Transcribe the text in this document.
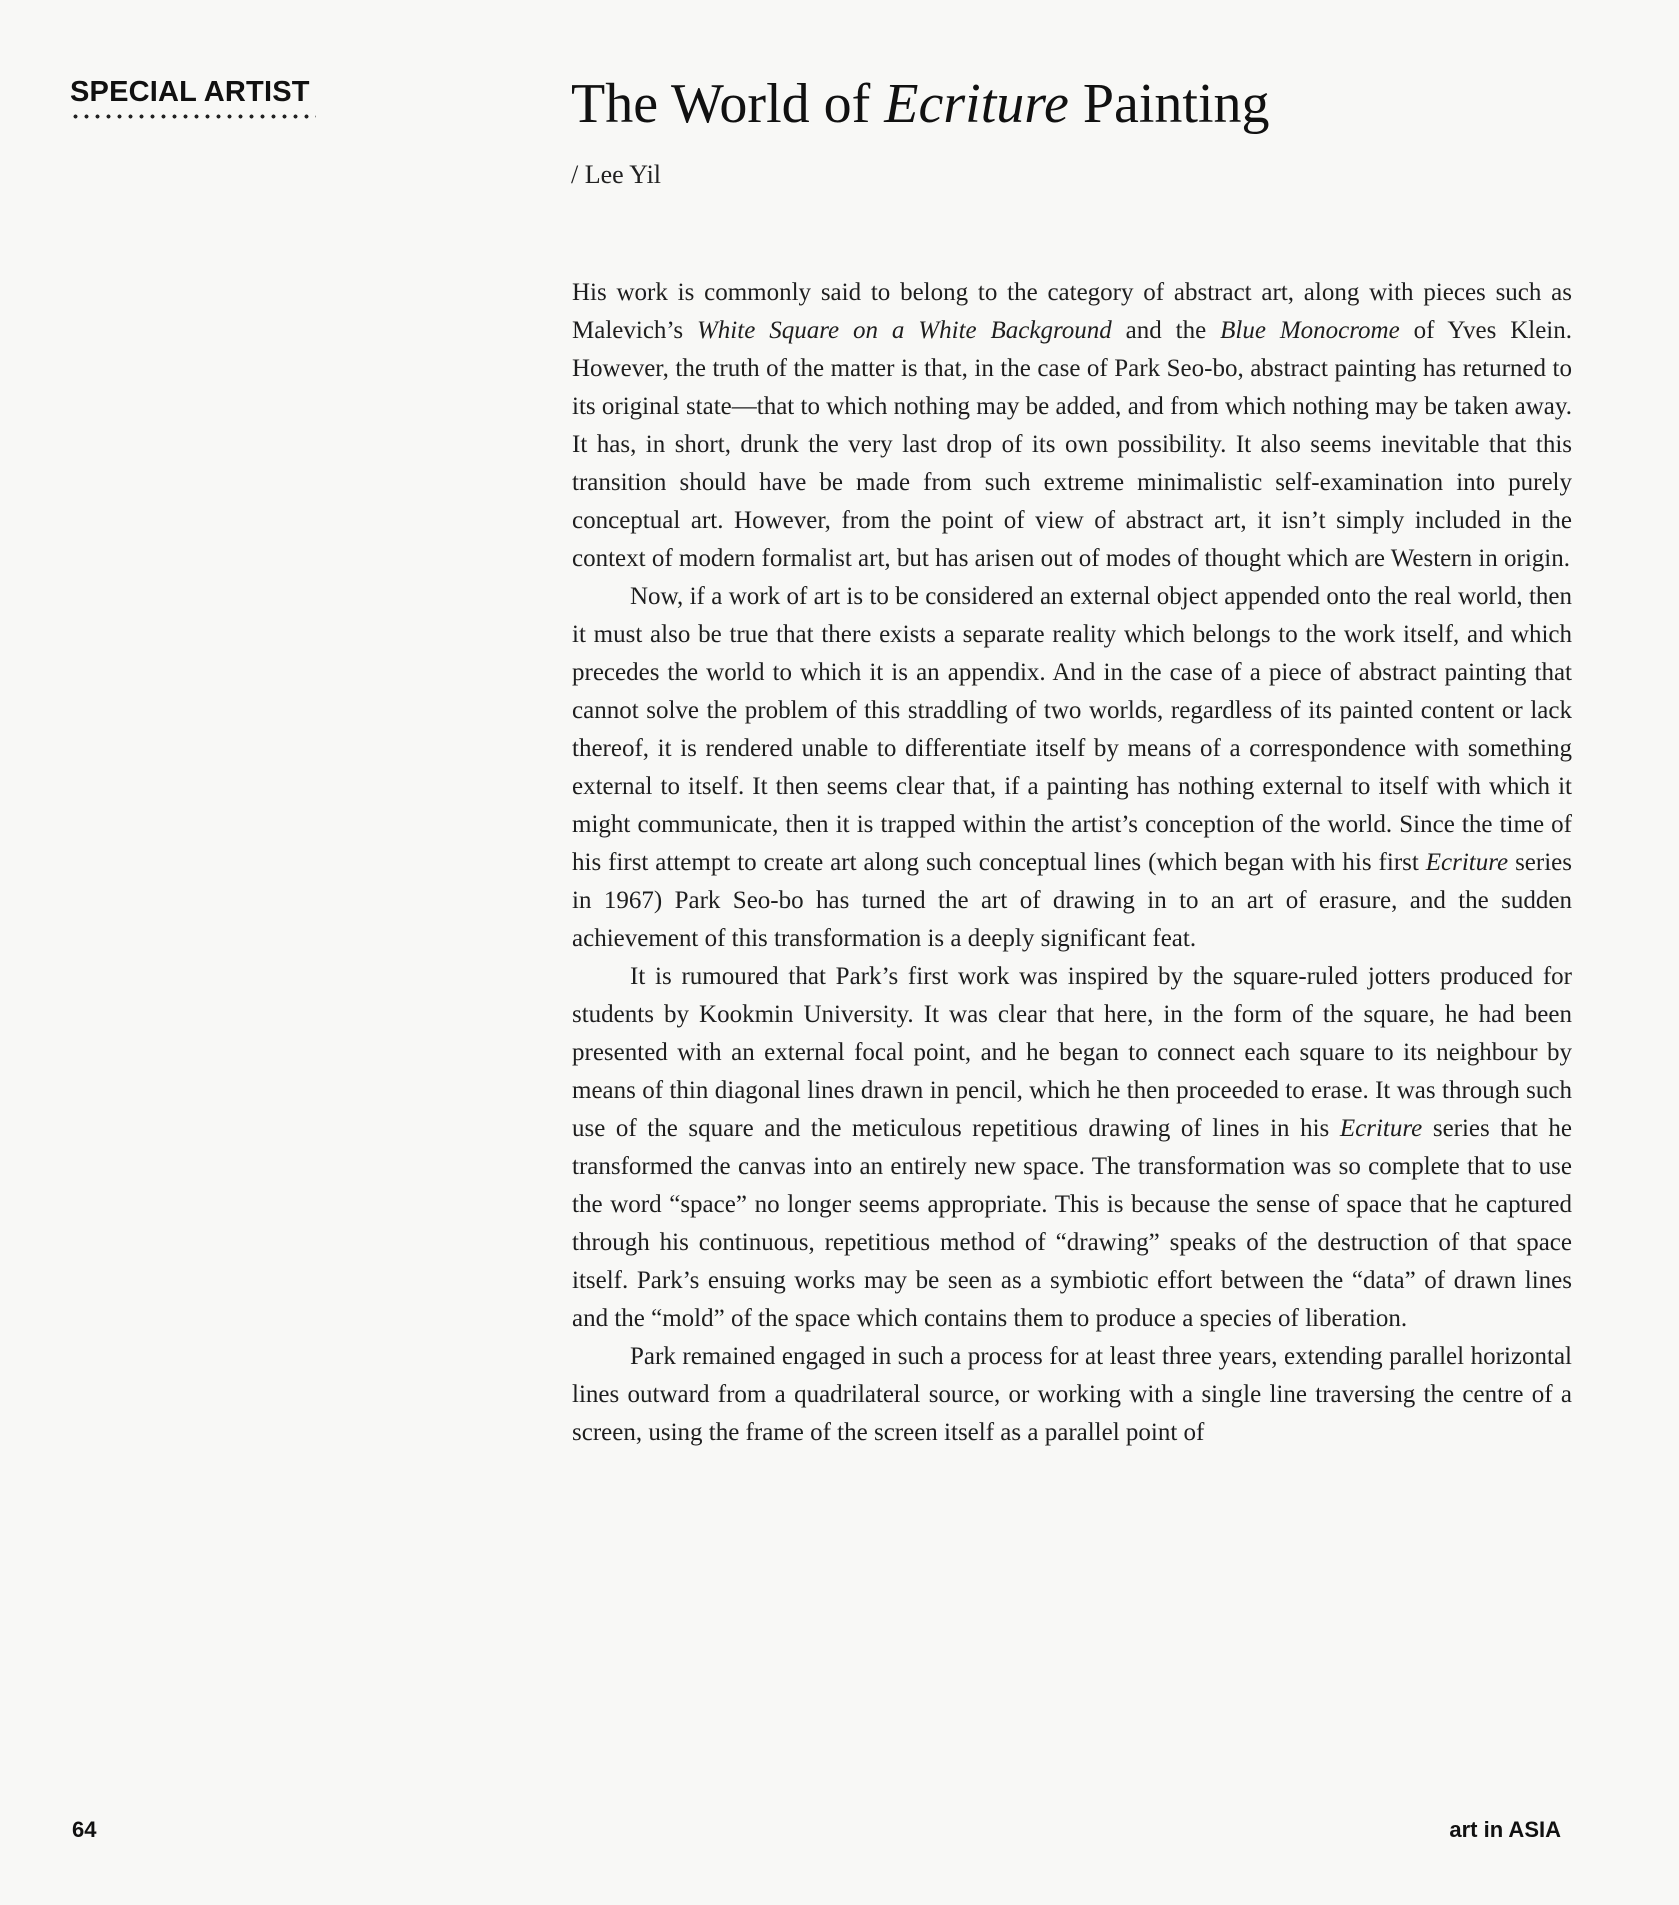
SPECIAL ARTIST	The World of Ecriture Painting
/ Lee Yil

His work is commonly said to belong to the category of abstract art, along with pieces such as Malevich’s White Square on a White Background and the Blue Monocrome of Yves Klein. However, the truth of the matter is that, in the case of Park Seo-bo, abstract painting has returned to its original state—that to which nothing may be added, and from which nothing may be taken away. It has, in short, drunk the very last drop of its own possibility. It also seems inevitable that this transition should have be made from such extreme minimalistic self-examination into purely conceptual art. However, from the point of view of abstract art, it isn’t simply included in the context of modern formalist art, but has arisen out of modes of thought which are Western in origin.

Now, if a work of art is to be considered an external object appended onto the real world, then it must also be true that there exists a separate reality which belongs to the work itself, and which precedes the world to which it is an appendix. And in the case of a piece of abstract painting that cannot solve the problem of this straddling of two worlds, regardless of its painted content or lack thereof, it is rendered unable to differentiate itself by means of a correspondence with something external to itself. It then seems clear that, if a painting has nothing external to itself with which it might communicate, then it is trapped within the artist’s conception of the world. Since the time of his first attempt to create art along such conceptual lines (which began with his first Ecriture series in 1967) Park Seo-bo has turned the art of drawing in to an art of erasure, and the sudden achievement of this transformation is a deeply significant feat.

It is rumoured that Park’s first work was inspired by the square-ruled jotters produced for students by Kookmin University. It was clear that here, in the form of the square, he had been presented with an external focal point, and he began to connect each square to its neighbour by means of thin diagonal lines drawn in pencil, which he then proceeded to erase. It was through such use of the square and the meticulous repetitious drawing of lines in his Ecriture series that he transformed the canvas into an entirely new space. The transformation was so complete that to use the word “space” no longer seems appropriate. This is because the sense of space that he captured through his continuous, repetitious method of “drawing” speaks of the destruction of that space itself. Park’s ensuing works may be seen as a symbiotic effort between the “data” of drawn lines and the “mold” of the space which contains them to produce a species of liberation.

Park remained engaged in such a process for at least three years, extending parallel horizontal lines outward from a quadrilateral source, or working with a single line traversing the centre of a screen, using the frame of the screen itself as a parallel point of

64	art in ASIA
